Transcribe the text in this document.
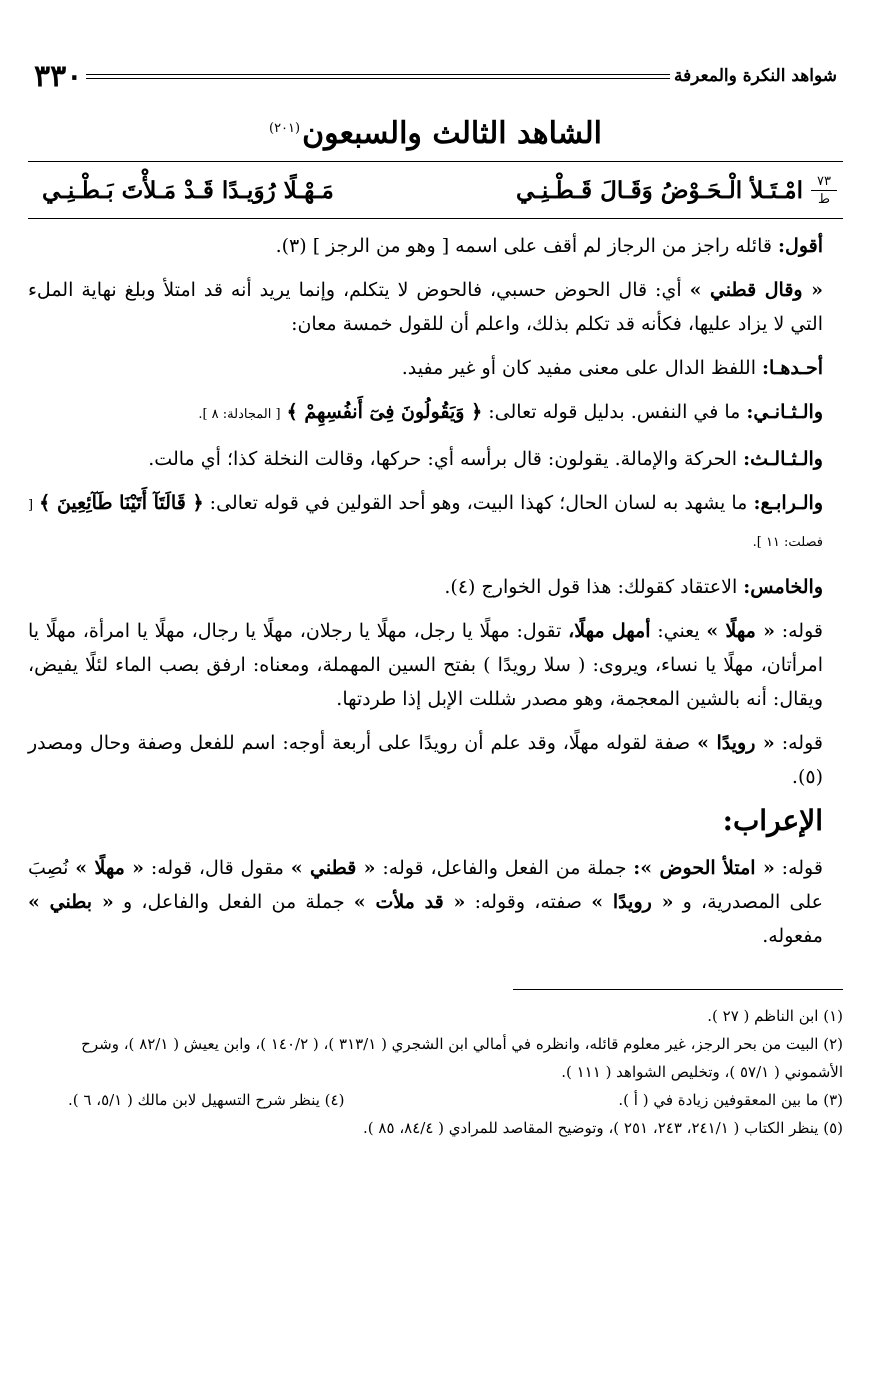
شواهد النكرة والمعرفة
٣٣٠
الشاهد الثالث والسبعون$^{(٢٠١)}$
٧٣
ط
امْـتَـلأ الْـحَـوْضُ وَقَـالَ قَـطْـنِـي
مَـهْـلًا رُوَيـدًا قَـدْ مَـلأْتَ بَـطْـنِـي

أقول: قائله راجز من الرجاز لم أقف على اسمه [ وهو من الرجز ] (٣).

« وقال قطني » أي: قال الحوض حسبي، فالحوض لا يتكلم، وإنما يريد أنه قد امتلأ وبلغ نهاية الملء التي لا يزاد عليها، فكأنه قد تكلم بذلك، واعلم أن للقول خمسة معان:

أحـدهـا: اللفظ الدال على معنى مفيد كان أو غير مفيد.

والـثـانـي: ما في النفس. بدليل قوله تعالى: ﴿ وَيَقُولُونَ فِىٓ أَنفُسِهِمْ ﴾ [ المجادلة: ٨ ].

والـثـالـث: الحركة والإمالة. يقولون: قال برأسه أي: حركها، وقالت النخلة كذا؛ أي مالت.

والـرابـع: ما يشهد به لسان الحال؛ كهذا البيت، وهو أحد القولين في قوله تعالى: ﴿ قَالَتَآ أَتَيْنَا طَآئِعِينَ ﴾ [ فصلت: ١١ ].

والخامس: الاعتقاد كقولك: هذا قول الخوارج (٤).

قوله: « مهلًا » يعني: أمهل مهلًا، تقول: مهلًا يا رجل، مهلًا يا رجلان، مهلًا يا رجال، مهلًا يا امرأة، مهلًا يا امرأتان، مهلًا يا نساء، ويروى: ( سلا رويدًا ) بفتح السين المهملة، ومعناه: ارفق بصب الماء لئلًا يفيض، ويقال: أنه بالشين المعجمة، وهو مصدر شللت الإبل إذا طردتها.

قوله: « رويدًا » صفة لقوله مهلًا، وقد علم أن رويدًا على أربعة أوجه: اسم للفعل وصفة وحال ومصدر (٥).

الإعراب:

قوله: « امتلأ الحوض »: جملة من الفعل والفاعل، قوله: « قطني » مقول قال، قوله: « مهلًا » نُصِبَ على المصدرية، و « رويدًا » صفته، وقوله: « قد ملأت » جملة من الفعل والفاعل، و « بطني » مفعوله.

(١) ابن الناظم ( ٢٧ ).
(٢) البيت من بحر الرجز، غير معلوم قائله، وانظره في أمالي ابن الشجري ( ٣١٣/١ )، ( ١٤٠/٢ )، وابن يعيش ( ٨٢/١ )، وشرح الأشموني ( ٥٧/١ )، وتخليص الشواهد ( ١١١ ).
(٣) ما بين المعقوفين زيادة في ( أ ).
(٤) ينظر شرح التسهيل لابن مالك ( ٥/١، ٦ ).
(٥) ينظر الكتاب ( ٢٤١/١، ٢٤٣، ٢٥١ )، وتوضيح المقاصد للمرادي ( ٨٤/٤، ٨٥ ).
